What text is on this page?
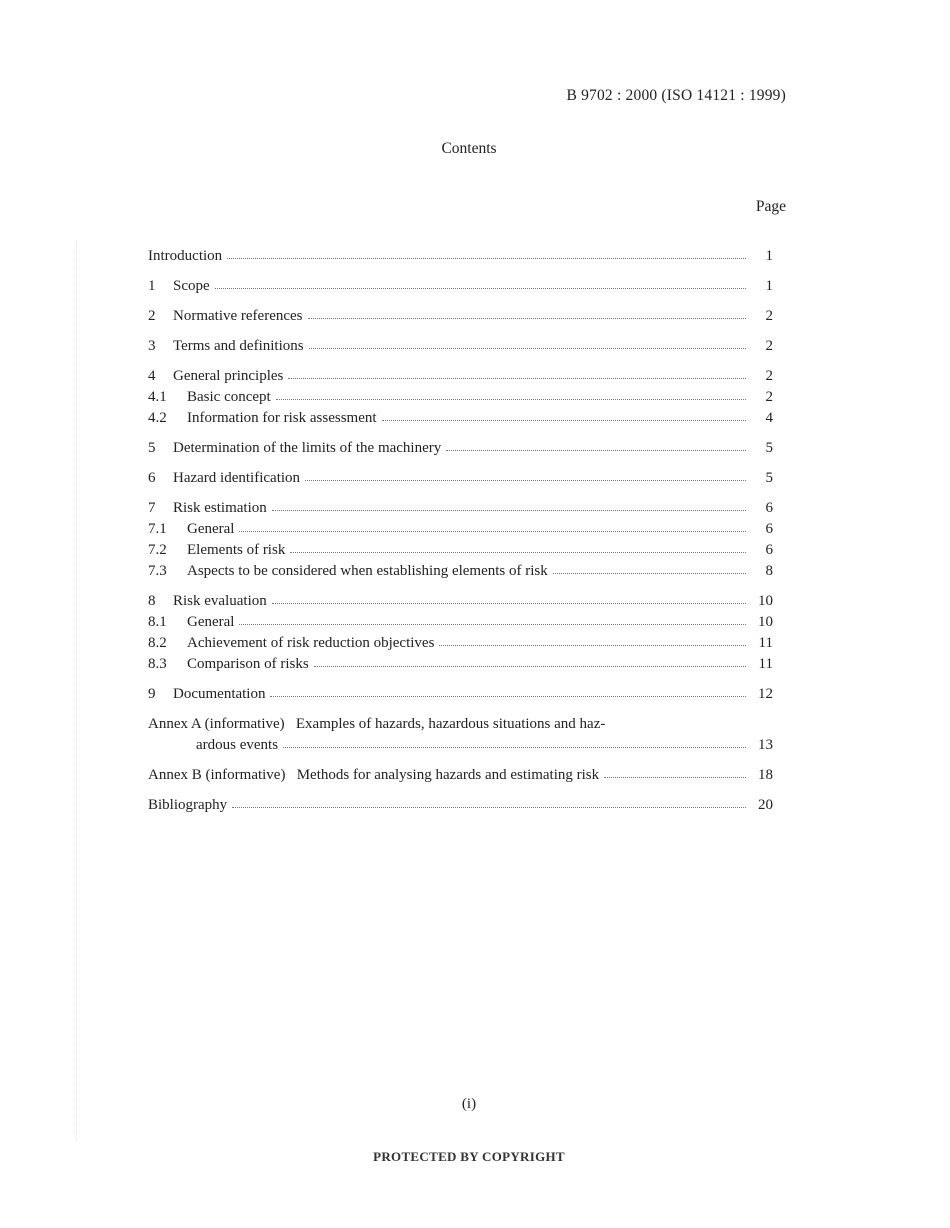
B 9702 : 2000 (ISO 14121 : 1999)
Contents
Page
Introduction	1
1	Scope	1
2	Normative references	2
3	Terms and definitions	2
4	General principles	2
4.1	Basic concept	2
4.2	Information for risk assessment	4
5	Determination of the limits of the machinery	5
6	Hazard identification	5
7	Risk estimation	6
7.1	General	6
7.2	Elements of risk	6
7.3	Aspects to be considered when establishing elements of risk	8
8	Risk evaluation	10
8.1	General	10
8.2	Achievement of risk reduction objectives	11
8.3	Comparison of risks	11
9	Documentation	12
Annex A (informative)   Examples of hazards, hazardous situations and haz-
ardous events	13
Annex B (informative)   Methods for analysing hazards and estimating risk	18
Bibliography	20
(i)
PROTECTED BY COPYRIGHT
